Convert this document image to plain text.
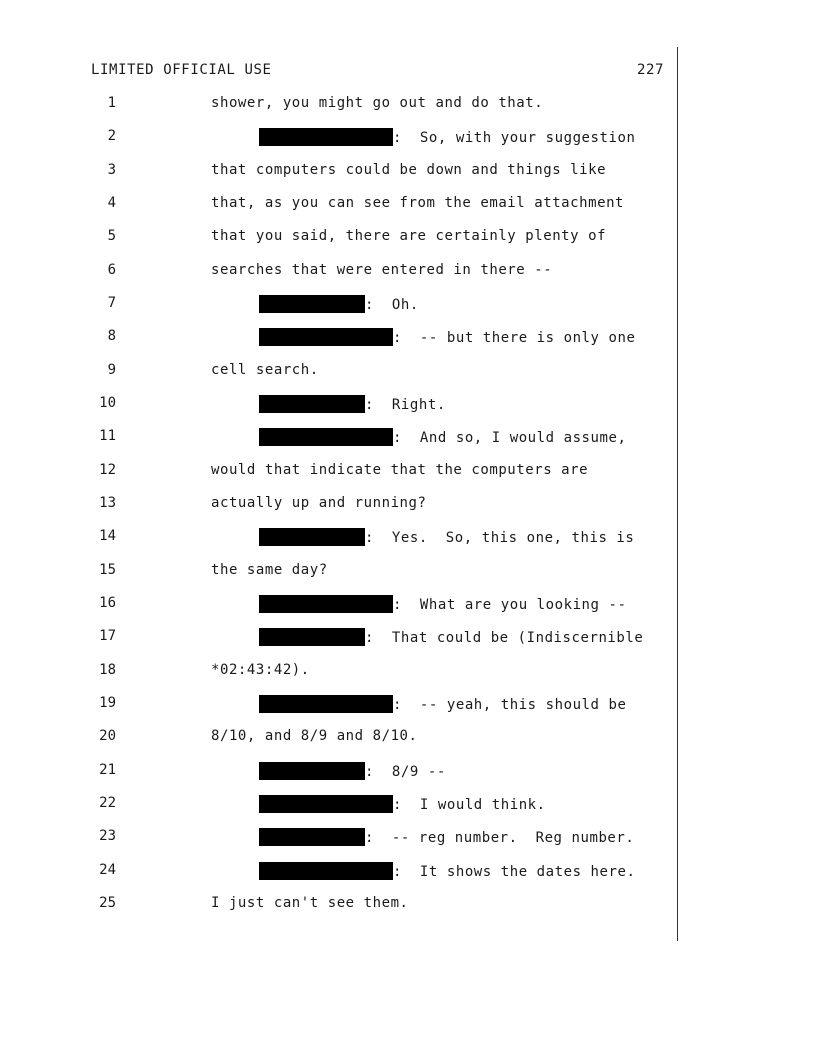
LIMITED OFFICIAL USE	227
1	shower, you might go out and do that.
2	:  So, with your suggestion
3	that computers could be down and things like
4	that, as you can see from the email attachment
5	that you said, there are certainly plenty of
6	searches that were entered in there --
7	:  Oh.
8	:  -- but there is only one
9	cell search.
10	:  Right.
11	:  And so, I would assume,
12	would that indicate that the computers are
13	actually up and running?
14	:  Yes.  So, this one, this is
15	the same day?
16	:  What are you looking --
17	:  That could be (Indiscernible
18	*02:43:42).
19	:  -- yeah, this should be
20	8/10, and 8/9 and 8/10.
21	:  8/9 --
22	:  I would think.
23	:  -- reg number.  Reg number.
24	:  It shows the dates here.
25	I just can't see them.
